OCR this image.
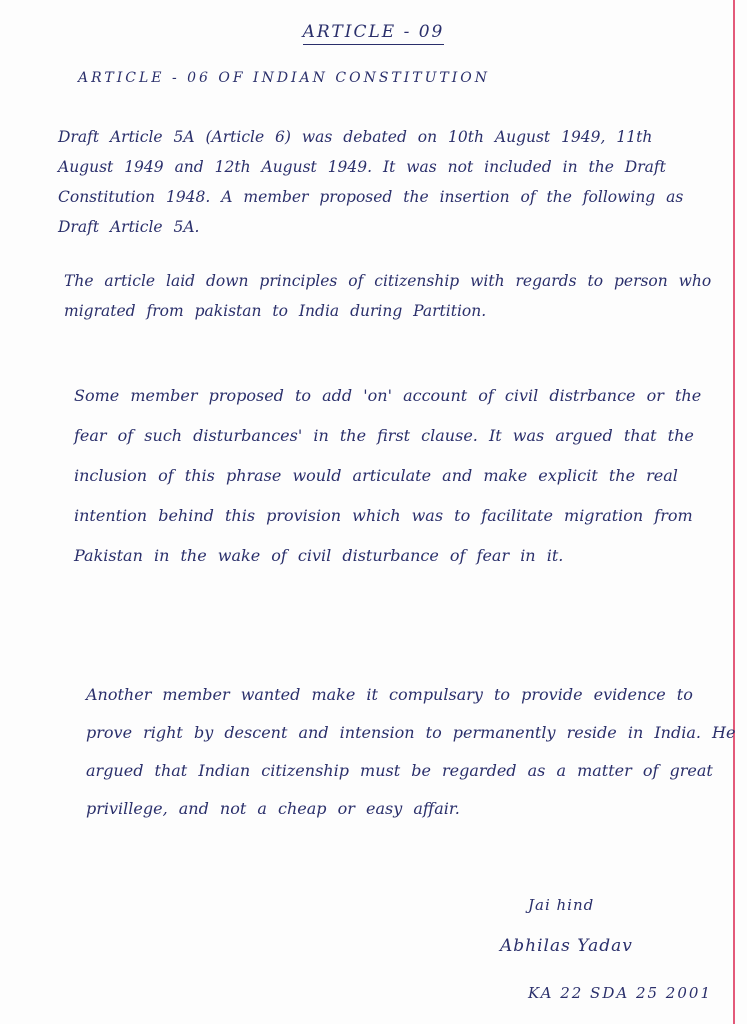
ARTICLE - 09
ARTICLE - 06 OF INDIAN CONSTITUTION

Draft Article 5A (Article 6) was debated on 10th August 1949, 11th August 1949 and 12th August 1949. It was not included in the Draft Constitution 1948. A member proposed the insertion of the following as Draft Article 5A.

The article laid down principles of citizenship with regards to person who migrated from pakistan to India during Partition.

Some member proposed to add 'on' account of civil distrbance or the fear of such disturbances' in the first clause. It was argued that the inclusion of this phrase would articulate and make explicit the real intention behind this provision which was to facilitate migration from Pakistan in the wake of civil disturbance of fear in it.

Another member wanted make it compulsary to provide evidence to prove right by descent and intension to permanently reside in India. He argued that Indian citizenship must be regarded as a matter of great privillege, and not a cheap or easy affair.

Jai hind
Abhilas Yadav
KA 22 SDA 25 2001
